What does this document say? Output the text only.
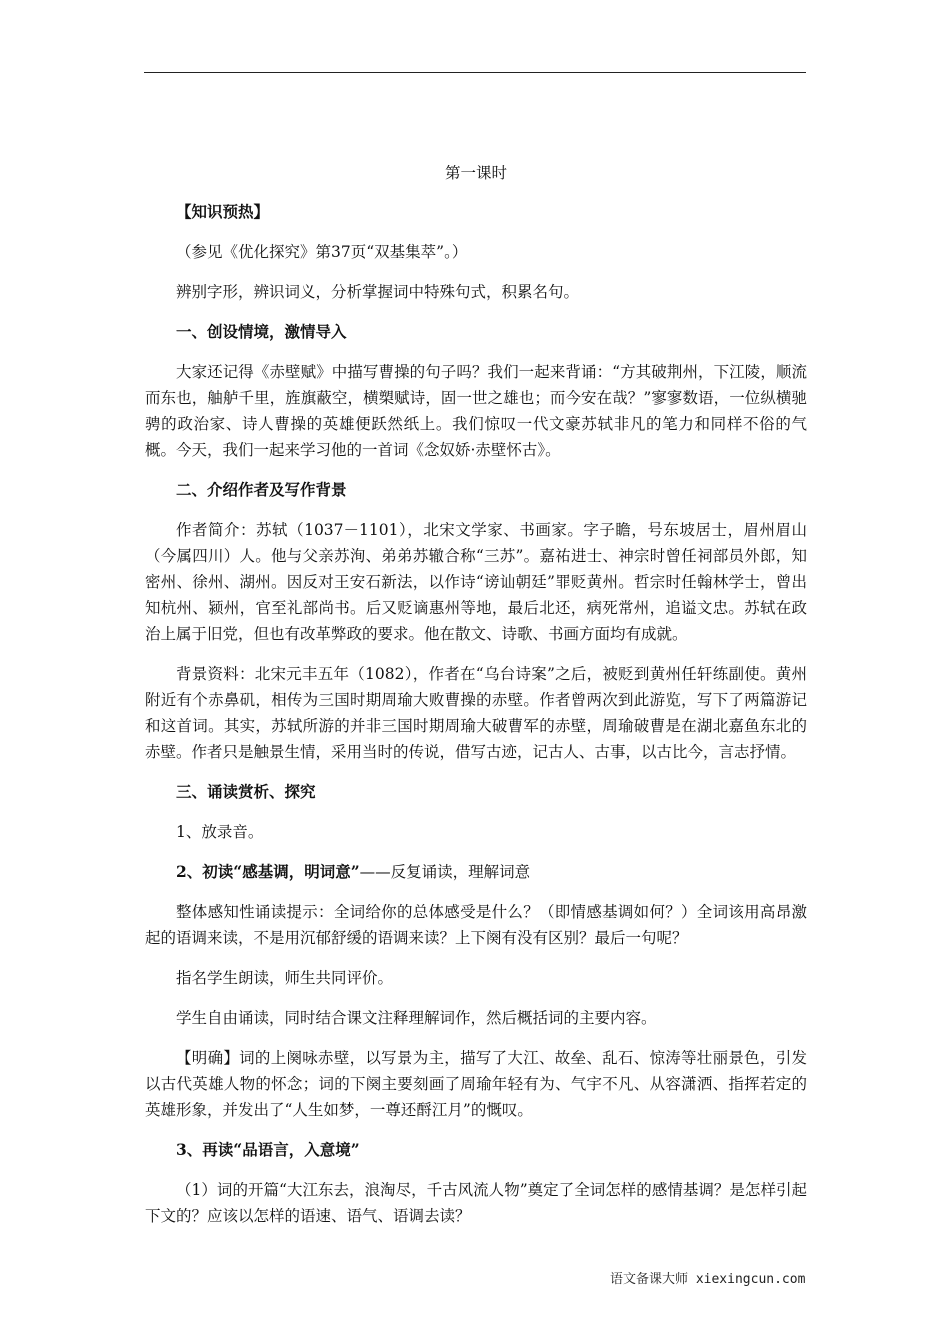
第一课时

【知识预热】

（参见《优化探究》第37页“双基集萃”。）

辨别字形，辨识词义，分析掌握词中特殊句式，积累名句。

一、创设情境，激情导入

大家还记得《赤壁赋》中描写曹操的句子吗？我们一起来背诵：“方其破荆州，下江陵，顺流而东也，舳舻千里，旌旗蔽空，横槊赋诗，固一世之雄也；而今安在哉？”寥寥数语，一位纵横驰骋的政治家、诗人曹操的英雄便跃然纸上。我们惊叹一代文豪苏轼非凡的笔力和同样不俗的气概。今天，我们一起来学习他的一首词《念奴娇·赤壁怀古》。

二、介绍作者及写作背景

作者简介：苏轼（1037－1101），北宋文学家、书画家。字子瞻，号东坡居士，眉州眉山（今属四川）人。他与父亲苏洵、弟弟苏辙合称“三苏”。嘉祐进士、神宗时曾任祠部员外郎，知密州、徐州、湖州。因反对王安石新法，以作诗“谤讪朝廷”罪贬黄州。哲宗时任翰林学士，曾出知杭州、颍州，官至礼部尚书。后又贬谪惠州等地，最后北还，病死常州，追谥文忠。苏轼在政治上属于旧党，但也有改革弊政的要求。他在散文、诗歌、书画方面均有成就。

背景资料：北宋元丰五年（1082），作者在“乌台诗案”之后，被贬到黄州任轩练副使。黄州附近有个赤鼻矶，相传为三国时期周瑜大败曹操的赤壁。作者曾两次到此游览，写下了两篇游记和这首词。其实，苏轼所游的并非三国时期周瑜大破曹军的赤壁，周瑜破曹是在湖北嘉鱼东北的赤壁。作者只是触景生情，采用当时的传说，借写古迹，记古人、古事，以古比今，言志抒情。

三、诵读赏析、探究

1、放录音。

2、初读“感基调，明词意”——反复诵读，理解词意

整体感知性诵读提示：全词给你的总体感受是什么？（即情感基调如何？）全词该用高昂激起的语调来读，不是用沉郁舒缓的语调来读？上下阕有没有区别？最后一句呢？

指名学生朗读，师生共同评价。

学生自由诵读，同时结合课文注释理解词作，然后概括词的主要内容。

【明确】词的上阕咏赤壁，以写景为主，描写了大江、故垒、乱石、惊涛等壮丽景色，引发以古代英雄人物的怀念；词的下阕主要刻画了周瑜年轻有为、气宇不凡、从容潇洒、指挥若定的英雄形象，并发出了“人生如梦，一尊还酹江月”的慨叹。

3、再读“品语言，入意境”

（1）词的开篇“大江东去，浪淘尽，千古风流人物”奠定了全词怎样的感情基调？是怎样引起下文的？应该以怎样的语速、语气、语调去读？

语文备课大师 xiexingcun.com
